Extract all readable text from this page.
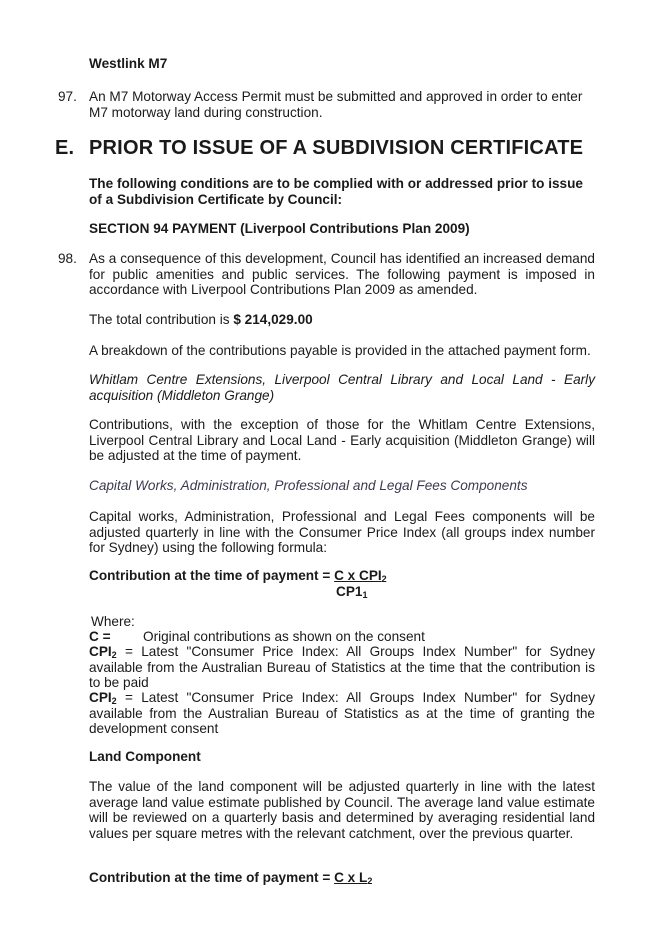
Westlink M7
97. An M7 Motorway Access Permit must be submitted and approved in order to enter M7 motorway land during construction.
E. PRIOR TO ISSUE OF A SUBDIVISION CERTIFICATE
The following conditions are to be complied with or addressed prior to issue of a Subdivision Certificate by Council:
SECTION 94 PAYMENT (Liverpool Contributions Plan 2009)
98. As a consequence of this development, Council has identified an increased demand for public amenities and public services. The following payment is imposed in accordance with Liverpool Contributions Plan 2009 as amended.
The total contribution is $ 214,029.00
A breakdown of the contributions payable is provided in the attached payment form.
Whitlam Centre Extensions, Liverpool Central Library and Local Land - Early acquisition (Middleton Grange)
Contributions, with the exception of those for the Whitlam Centre Extensions, Liverpool Central Library and Local Land - Early acquisition (Middleton Grange) will be adjusted at the time of payment.
Capital Works, Administration, Professional and Legal Fees Components
Capital works, Administration, Professional and Legal Fees components will be adjusted quarterly in line with the Consumer Price Index (all groups index number for Sydney) using the following formula:
Contribution at the time of payment = C x $CPI_2$
$CP1_1$
Where:
C = Original contributions as shown on the consent
$CPI_2$ = Latest "Consumer Price Index: All Groups Index Number" for Sydney available from the Australian Bureau of Statistics at the time that the contribution is to be paid
$CPI_2$ = Latest "Consumer Price Index: All Groups Index Number" for Sydney available from the Australian Bureau of Statistics as at the time of granting the development consent
Land Component
The value of the land component will be adjusted quarterly in line with the latest average land value estimate published by Council. The average land value estimate will be reviewed on a quarterly basis and determined by averaging residential land values per square metres with the relevant catchment, over the previous quarter.
Contribution at the time of payment = C x $L_2$
